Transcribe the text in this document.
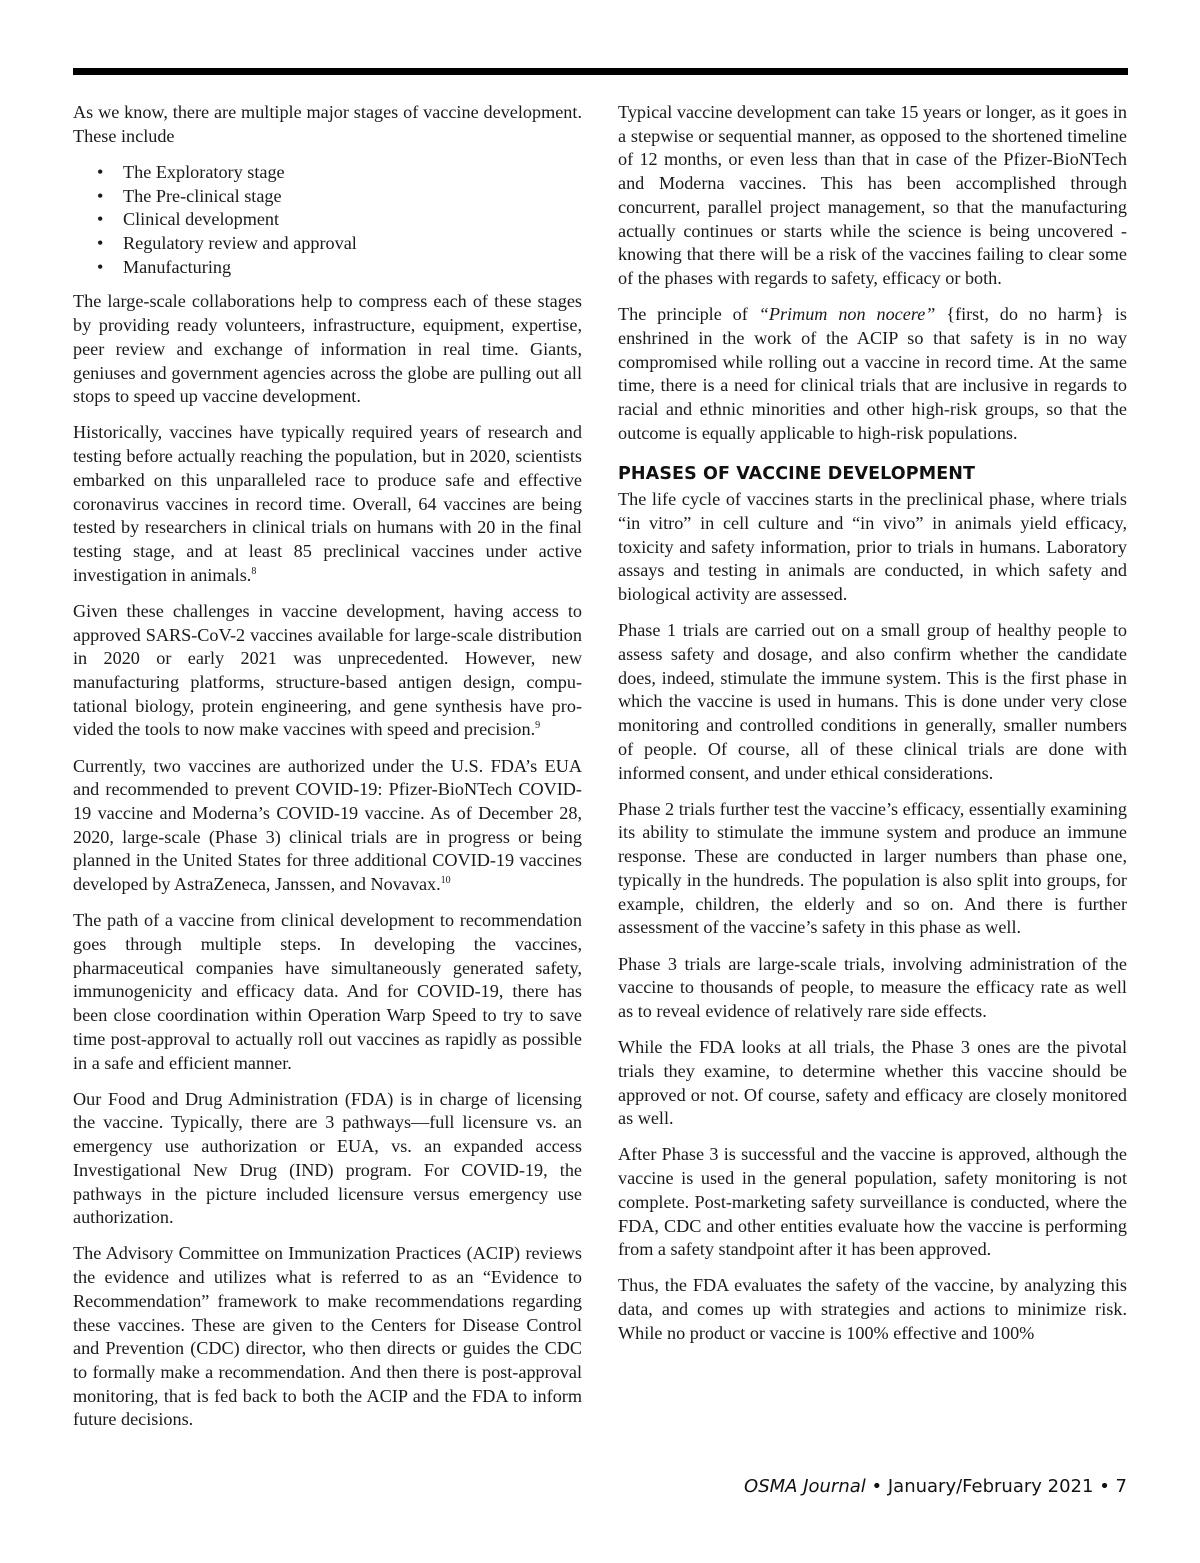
As we know, there are multiple major stages of vaccine development. These include

• The Exploratory stage
• The Pre-clinical stage
• Clinical development
• Regulatory review and approval
• Manufacturing

The large-scale collaborations help to compress each of these stages by providing ready volunteers, infrastructure, equipment, expertise, peer review and exchange of information in real time. Giants, geniuses and government agencies across the globe are pulling out all stops to speed up vaccine development.

Historically, vaccines have typically required years of research and testing before actually reaching the population, but in 2020, scientists embarked on this unparalleled race to produce safe and effective coronavirus vaccines in record time. Overall, 64 vaccines are being tested by researchers in clinical trials on humans with 20 in the final testing stage, and at least 85 preclinical vaccines under active investigation in animals.$^8$

Given these challenges in vaccine development, having access to approved SARS-CoV-2 vaccines available for large-scale distribution in 2020 or early 2021 was unprecedented. However, new manufacturing platforms, structure-based antigen design, computational biology, protein engineering, and gene synthesis have provided the tools to now make vaccines with speed and precision.$^9$

Currently, two vaccines are authorized under the U.S. FDA’s EUA and recommended to prevent COVID-19: Pfizer-BioNTech COVID-19 vaccine and Moderna’s COVID-19 vaccine. As of December 28, 2020, large-scale (Phase 3) clinical trials are in progress or being planned in the United States for three additional COVID-19 vaccines developed by AstraZeneca, Janssen, and Novavax.$^{10}$

The path of a vaccine from clinical development to recommendation goes through multiple steps. In developing the vaccines, pharmaceutical companies have simultaneously generated safety, immunogenicity and efficacy data. And for COVID-19, there has been close coordination within Operation Warp Speed to try to save time post-approval to actually roll out vaccines as rapidly as possible in a safe and efficient manner.

Our Food and Drug Administration (FDA) is in charge of licensing the vaccine. Typically, there are 3 pathways—full licensure vs. an emergency use authorization or EUA, vs. an expanded access Investigational New Drug (IND) program. For COVID-19, the pathways in the picture included licensure versus emergency use authorization.

The Advisory Committee on Immunization Practices (ACIP) reviews the evidence and utilizes what is referred to as an “Evidence to Recommendation” framework to make recommendations regarding these vaccines. These are given to the Centers for Disease Control and Prevention (CDC) director, who then directs or guides the CDC to formally make a recommendation. And then there is post-approval monitoring, that is fed back to both the ACIP and the FDA to inform future decisions.

Typical vaccine development can take 15 years or longer, as it goes in a stepwise or sequential manner, as opposed to the shortened timeline of 12 months, or even less than that in case of the Pfizer-BioNTech and Moderna vaccines. This has been accomplished through concurrent, parallel project management, so that the manufacturing actually continues or starts while the science is being uncovered - knowing that there will be a risk of the vaccines failing to clear some of the phases with regards to safety, efficacy or both.

The principle of “Primum non nocere” {first, do no harm} is enshrined in the work of the ACIP so that safety is in no way compromised while rolling out a vaccine in record time. At the same time, there is a need for clinical trials that are inclusive in regards to racial and ethnic minorities and other high-risk groups, so that the outcome is equally applicable to high-risk populations.

PHASES OF VACCINE DEVELOPMENT

The life cycle of vaccines starts in the preclinical phase, where trials “in vitro” in cell culture and “in vivo” in animals yield efficacy, toxicity and safety information, prior to trials in humans. Laboratory assays and testing in animals are conducted, in which safety and biological activity are assessed.

Phase 1 trials are carried out on a small group of healthy people to assess safety and dosage, and also confirm whether the candidate does, indeed, stimulate the immune system. This is the first phase in which the vaccine is used in humans. This is done under very close monitoring and controlled conditions in generally, smaller numbers of people. Of course, all of these clinical trials are done with informed consent, and under ethical considerations.

Phase 2 trials further test the vaccine’s efficacy, essentially examining its ability to stimulate the immune system and produce an immune response. These are conducted in larger numbers than phase one, typically in the hundreds. The population is also split into groups, for example, children, the elderly and so on. And there is further assessment of the vaccine’s safety in this phase as well.

Phase 3 trials are large-scale trials, involving administration of the vaccine to thousands of people, to measure the efficacy rate as well as to reveal evidence of relatively rare side effects.

While the FDA looks at all trials, the Phase 3 ones are the pivotal trials they examine, to determine whether this vaccine should be approved or not. Of course, safety and efficacy are closely monitored as well.

After Phase 3 is successful and the vaccine is approved, although the vaccine is used in the general population, safety monitoring is not complete. Post-marketing safety surveillance is conducted, where the FDA, CDC and other entities evaluate how the vaccine is performing from a safety standpoint after it has been approved.

Thus, the FDA evaluates the safety of the vaccine, by analyzing this data, and comes up with strategies and actions to minimize risk. While no product or vaccine is 100% effective and 100%

OSMA Journal • January/February 2021 • 7
